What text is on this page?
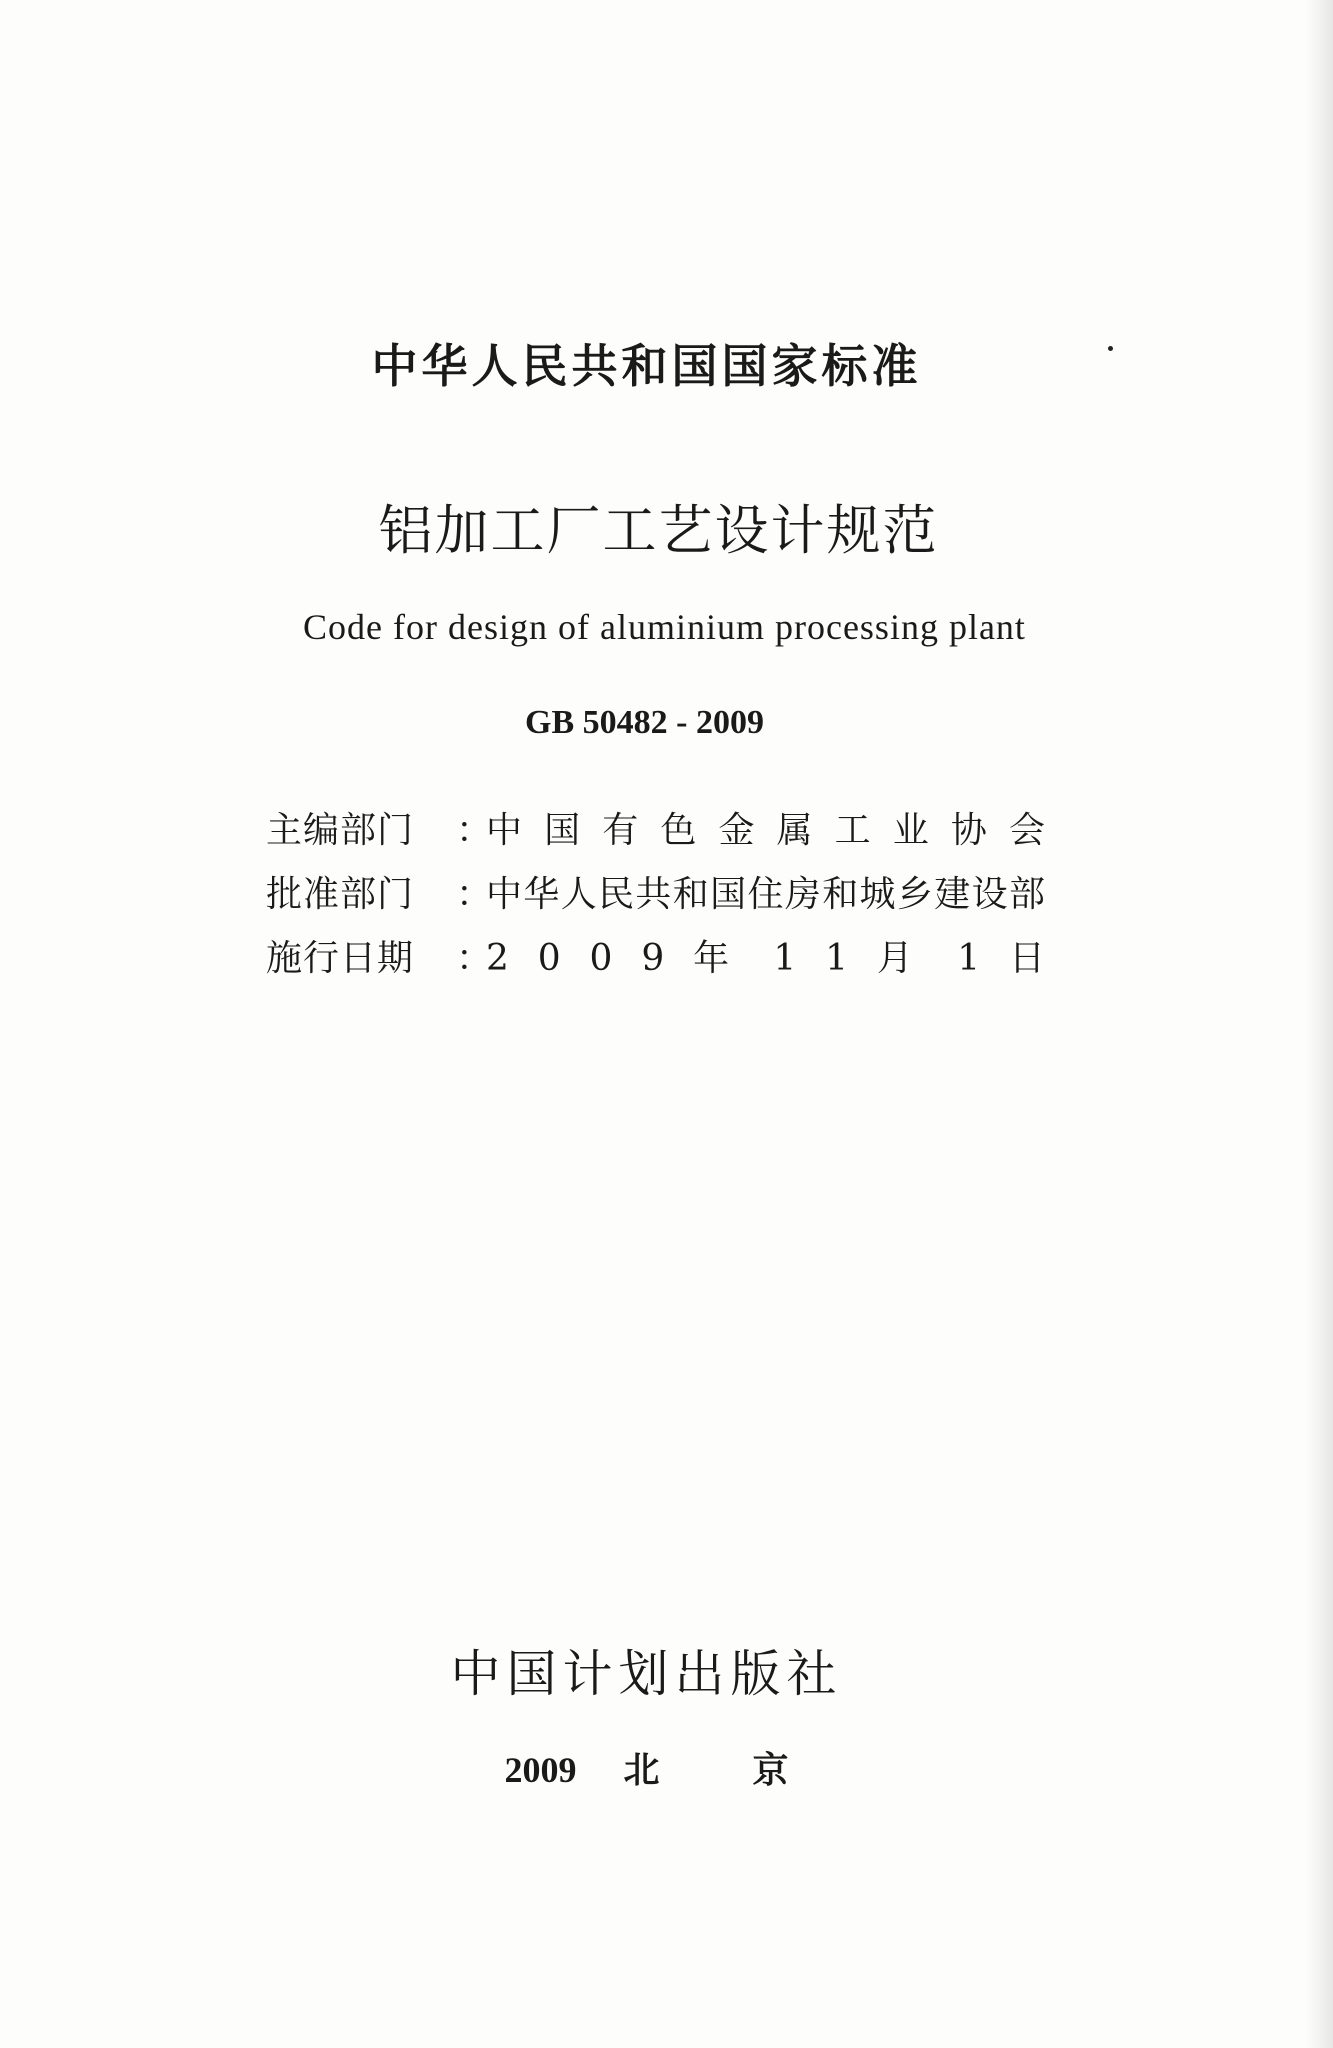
中华人民共和国国家标准
铝加工厂工艺设计规范
Code for design of aluminium processing plant
GB 50482 - 2009
主编部门	：
中 国 有 色 金 属 工 业 协 会
批准部门	：
中华人民共和国住房和城乡建设部
施行日期	：
2 0 0 9 年 1 1 月 1 日
中国计划出版社
2009 北	京
